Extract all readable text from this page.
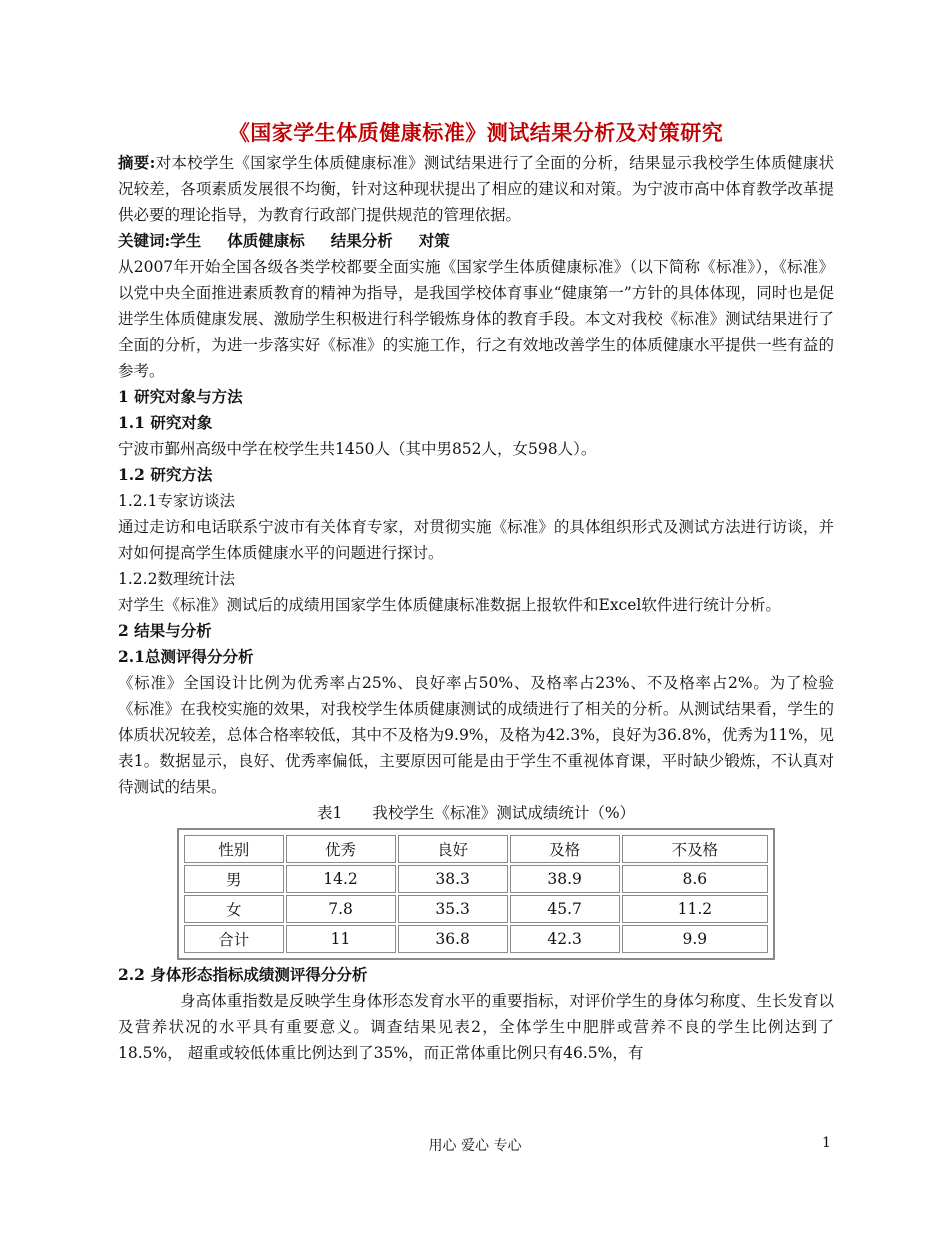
《国家学生体质健康标准》测试结果分析及对策研究

摘要:对本校学生《国家学生体质健康标准》测试结果进行了全面的分析，结果显示我校学生体质健康状况较差，各项素质发展很不均衡，针对这种现状提出了相应的建议和对策。为宁波市高中体育教学改革提供必要的理论指导，为教育行政部门提供规范的管理依据。

关键词:学生 体质健康标 结果分析 对策

从2007年开始全国各级各类学校都要全面实施《国家学生体质健康标准》（以下简称《标准》），《标准》以党中央全面推进素质教育的精神为指导，是我国学校体育事业“健康第一”方针的具体体现，同时也是促进学生体质健康发展、激励学生积极进行科学锻炼身体的教育手段。本文对我校《标准》测试结果进行了全面的分析，为进一步落实好《标准》的实施工作，行之有效地改善学生的体质健康水平提供一些有益的参考。

1 研究对象与方法
1.1 研究对象

宁波市鄞州高级中学在校学生共1450人（其中男852人，女598人）。

1.2 研究方法

1.2.1专家访谈法

通过走访和电话联系宁波市有关体育专家，对贯彻实施《标准》的具体组织形式及测试方法进行访谈，并对如何提高学生体质健康水平的问题进行探讨。

1.2.2数理统计法

对学生《标准》测试后的成绩用国家学生体质健康标准数据上报软件和Excel软件进行统计分析。

2 结果与分析
2.1总测评得分分析

《标准》全国设计比例为优秀率占25%、良好率占50%、及格率占23%、不及格率占2%。为了检验《标准》在我校实施的效果，对我校学生体质健康测试的成绩进行了相关的分析。从测试结果看，学生的体质状况较差，总体合格率较低，其中不及格为9.9%，及格为42.3%，良好为36.8%，优秀为11%，见表1。数据显示，良好、优秀率偏低，主要原因可能是由于学生不重视体育课，平时缺少锻炼，不认真对待测试的结果。

表1 我校学生《标准》测试成绩统计（%）
性别	优秀	良好	及格	不及格
男	14.2	38.3	38.9	8.6
女	7.8	35.3	45.7	11.2
合计	11	36.8	42.3	9.9
2.2 身体形态指标成绩测评得分分析

身高体重指数是反映学生身体形态发育水平的重要指标，对评价学生的身体匀称度、生长发育以及营养状况的水平具有重要意义。调查结果见表2，全体学生中肥胖或营养不良的学生比例达到了18.5%， 超重或较低体重比例达到了35%，而正常体重比例只有46.5%，有

用心 爱心 专心	1
